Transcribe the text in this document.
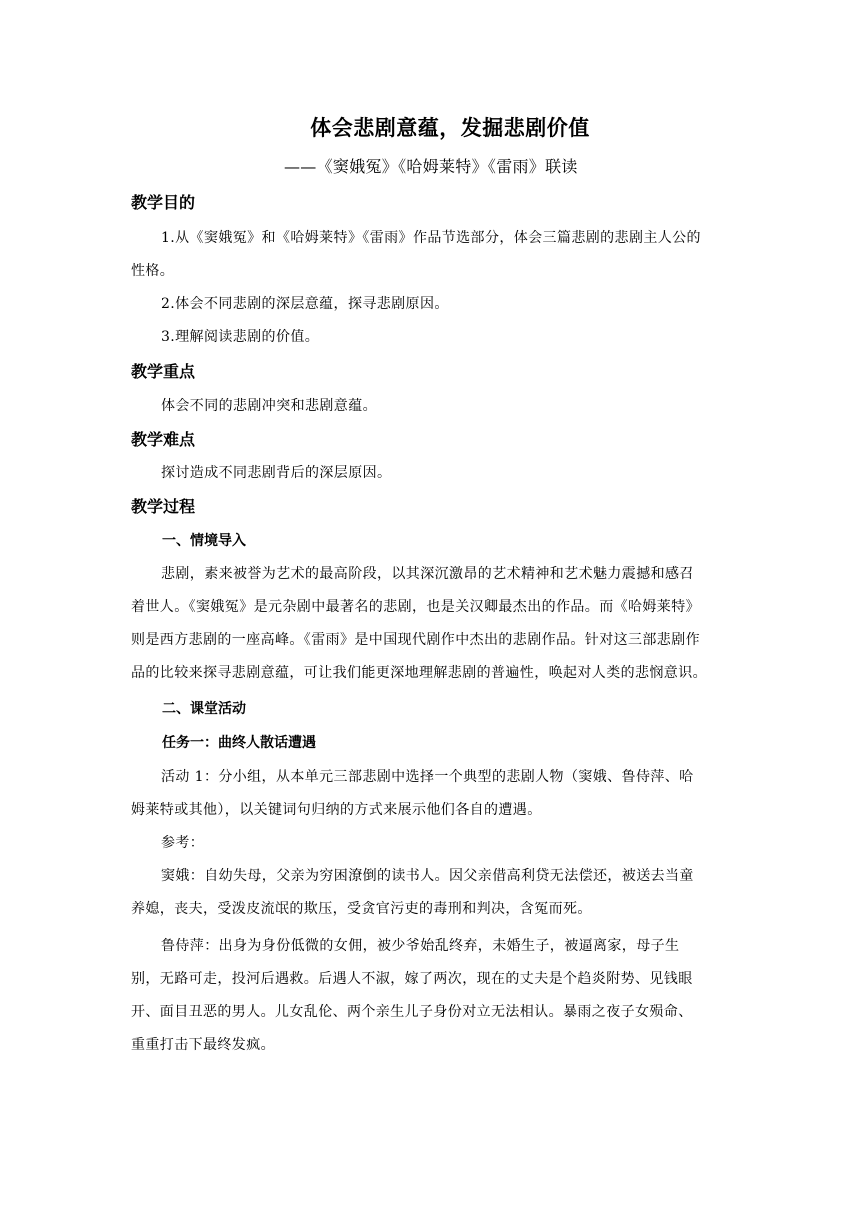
体会悲剧意蕴，发掘悲剧价值
——《窦娥冤》《哈姆莱特》《雷雨》联读
教学目的
1.从《窦娥冤》和《哈姆莱特》《雷雨》作品节选部分，体会三篇悲剧的悲剧主人公的
性格。
2.体会不同悲剧的深层意蕴，探寻悲剧原因。
3.理解阅读悲剧的价值。
教学重点
体会不同的悲剧冲突和悲剧意蕴。
教学难点
探讨造成不同悲剧背后的深层原因。
教学过程
一、情境导入
悲剧，素来被誉为艺术的最高阶段，以其深沉激昂的艺术精神和艺术魅力震撼和感召
着世人。《窦娥冤》是元杂剧中最著名的悲剧，也是关汉卿最杰出的作品。而《哈姆莱特》
则是西方悲剧的一座高峰。《雷雨》是中国现代剧作中杰出的悲剧作品。针对这三部悲剧作
品的比较来探寻悲剧意蕴，可让我们能更深地理解悲剧的普遍性，唤起对人类的悲悯意识。
二、课堂活动
任务一：曲终人散话遭遇
活动 1：分小组，从本单元三部悲剧中选择一个典型的悲剧人物（窦娥、鲁侍萍、哈
姆莱特或其他），以关键词句归纳的方式来展示他们各自的遭遇。
参考：
窦娥：自幼失母，父亲为穷困潦倒的读书人。因父亲借高利贷无法偿还，被送去当童
养媳，丧夫，受泼皮流氓的欺压，受贪官污吏的毒刑和判决，含冤而死。
鲁侍萍：出身为身份低微的女佣，被少爷始乱终弃，未婚生子，被逼离家，母子生
别，无路可走，投河后遇救。后遇人不淑，嫁了两次，现在的丈夫是个趋炎附势、见钱眼
开、面目丑恶的男人。儿女乱伦、两个亲生儿子身份对立无法相认。暴雨之夜子女殒命、
重重打击下最终发疯。
